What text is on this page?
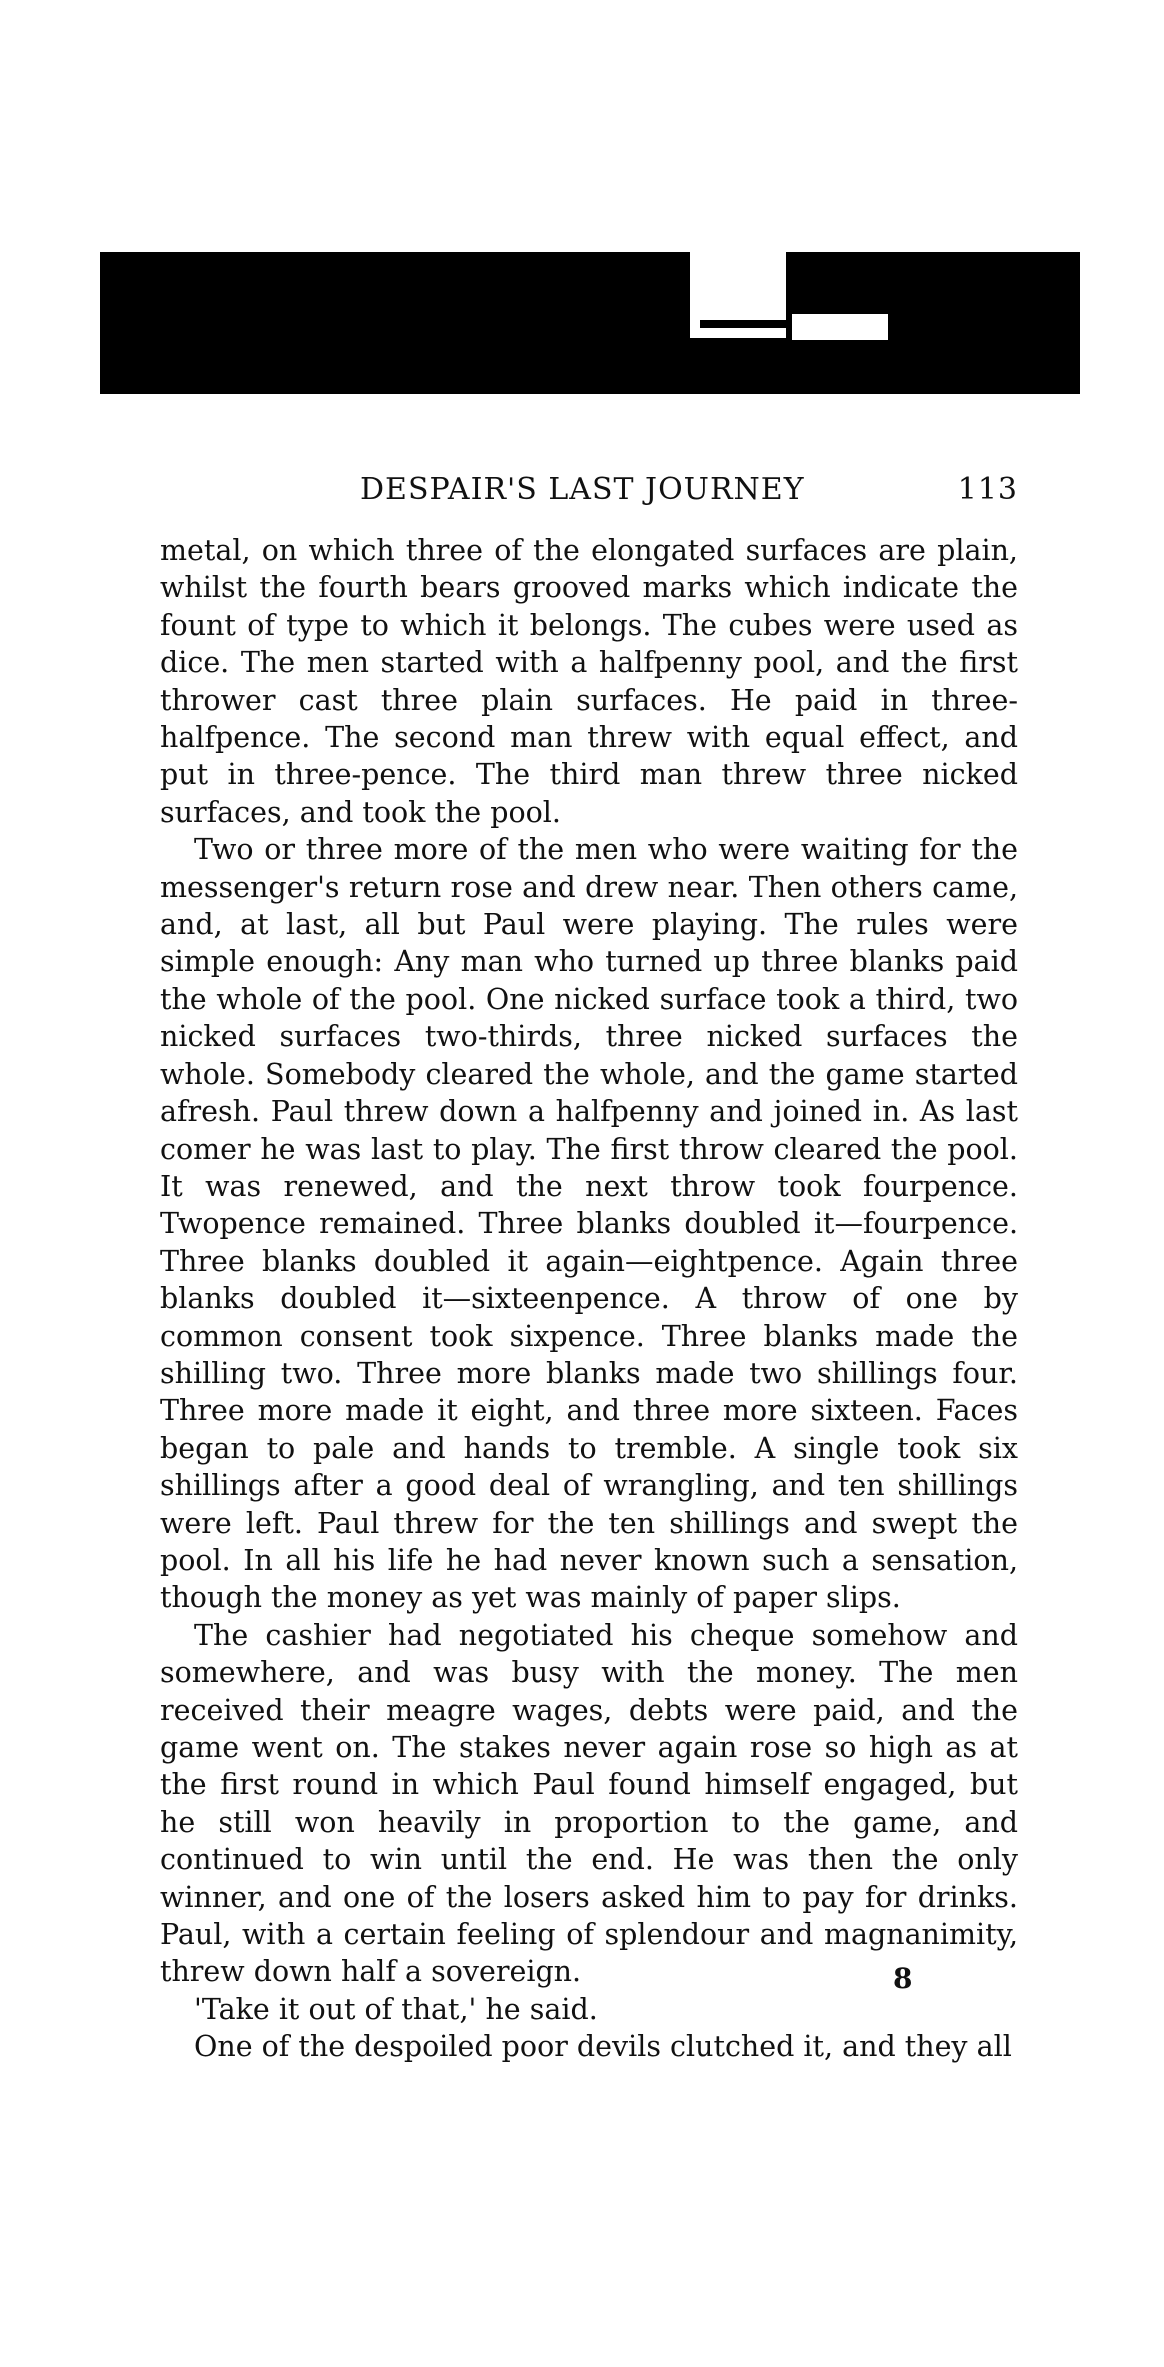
DESPAIR'S LAST JOURNEY	113

metal, on which three of the elongated surfaces are plain, whilst the fourth bears grooved marks which indicate the fount of type to which it belongs. The cubes were used as dice. The men started with a halfpenny pool, and the first thrower cast three plain surfaces. He paid in three-halfpence. The second man threw with equal effect, and put in three-pence. The third man threw three nicked surfaces, and took the pool.

Two or three more of the men who were waiting for the messenger's return rose and drew near. Then others came, and, at last, all but Paul were playing. The rules were simple enough: Any man who turned up three blanks paid the whole of the pool. One nicked surface took a third, two nicked surfaces two-thirds, three nicked surfaces the whole. Somebody cleared the whole, and the game started afresh. Paul threw down a halfpenny and joined in. As last comer he was last to play. The first throw cleared the pool. It was renewed, and the next throw took fourpence. Twopence remained. Three blanks doubled it—fourpence. Three blanks doubled it again—eightpence. Again three blanks doubled it—sixteenpence. A throw of one by common consent took sixpence. Three blanks made the shilling two. Three more blanks made two shillings four. Three more made it eight, and three more sixteen. Faces began to pale and hands to tremble. A single took six shillings after a good deal of wrangling, and ten shillings were left. Paul threw for the ten shillings and swept the pool. In all his life he had never known such a sensation, though the money as yet was mainly of paper slips.

The cashier had negotiated his cheque somehow and somewhere, and was busy with the money. The men received their meagre wages, debts were paid, and the game went on. The stakes never again rose so high as at the first round in which Paul found himself engaged, but he still won heavily in proportion to the game, and continued to win until the end. He was then the only winner, and one of the losers asked him to pay for drinks. Paul, with a certain feeling of splendour and magnanimity, threw down half a sovereign.

'Take it out of that,' he said.

One of the despoiled poor devils clutched it, and they all

8
